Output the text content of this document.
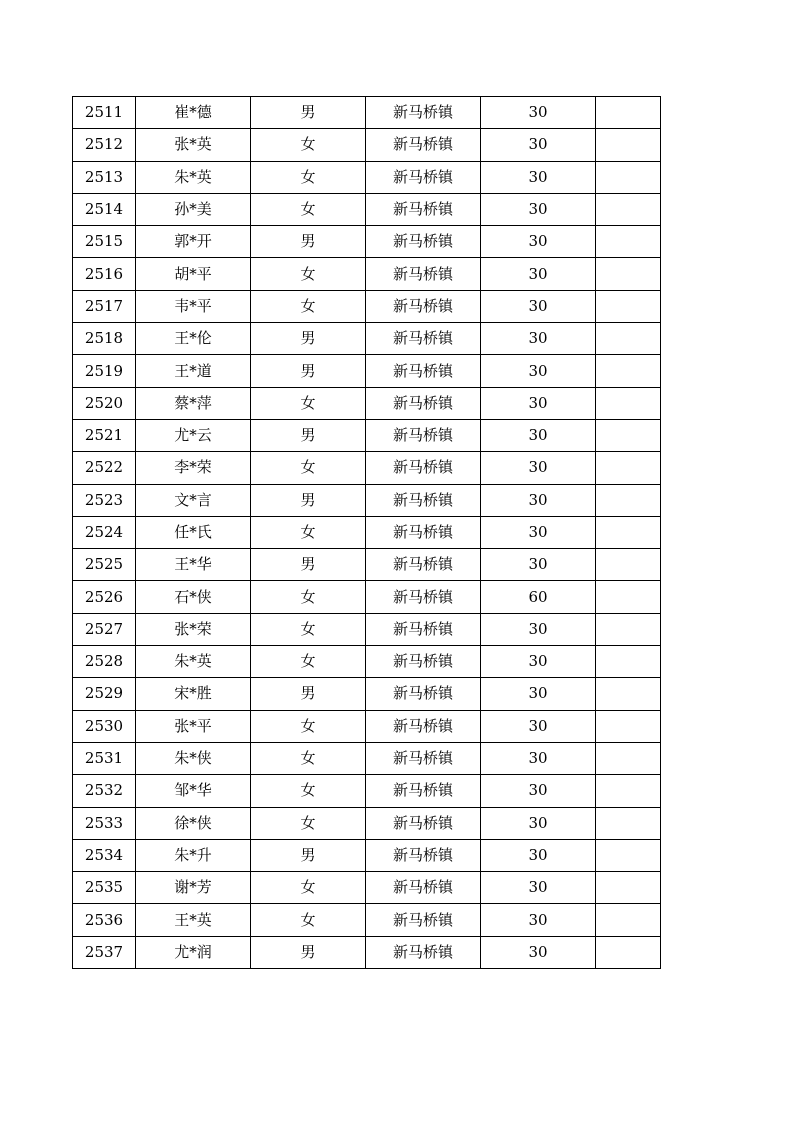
2511	崔*德	男	新马桥镇	30	
2512	张*英	女	新马桥镇	30	
2513	朱*英	女	新马桥镇	30	
2514	孙*美	女	新马桥镇	30	
2515	郭*开	男	新马桥镇	30	
2516	胡*平	女	新马桥镇	30	
2517	韦*平	女	新马桥镇	30	
2518	王*伦	男	新马桥镇	30	
2519	王*道	男	新马桥镇	30	
2520	蔡*萍	女	新马桥镇	30	
2521	尤*云	男	新马桥镇	30	
2522	李*荣	女	新马桥镇	30	
2523	文*言	男	新马桥镇	30	
2524	任*氏	女	新马桥镇	30	
2525	王*华	男	新马桥镇	30	
2526	石*侠	女	新马桥镇	60	
2527	张*荣	女	新马桥镇	30	
2528	朱*英	女	新马桥镇	30	
2529	宋*胜	男	新马桥镇	30	
2530	张*平	女	新马桥镇	30	
2531	朱*侠	女	新马桥镇	30	
2532	邹*华	女	新马桥镇	30	
2533	徐*侠	女	新马桥镇	30	
2534	朱*升	男	新马桥镇	30	
2535	谢*芳	女	新马桥镇	30	
2536	王*英	女	新马桥镇	30	
2537	尤*润	男	新马桥镇	30	
